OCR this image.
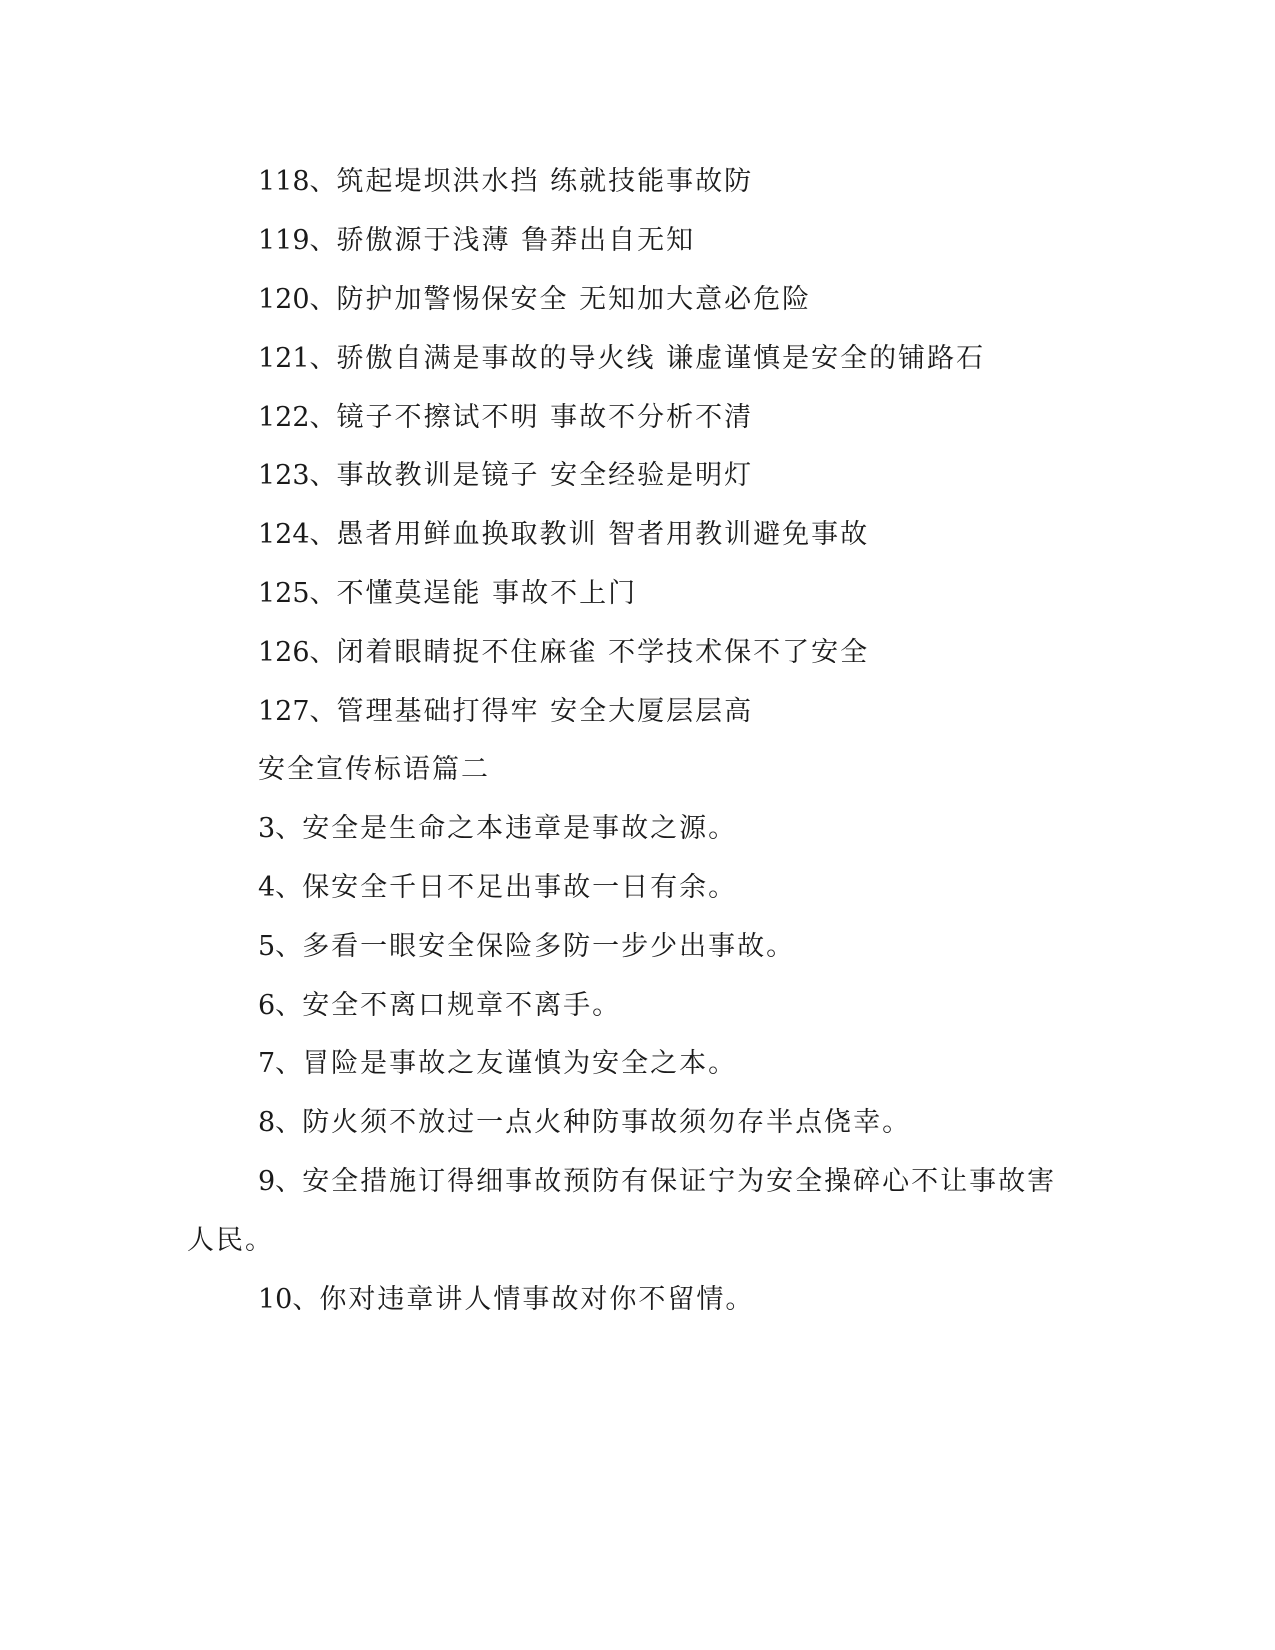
118、筑起堤坝洪水挡 练就技能事故防
119、骄傲源于浅薄 鲁莽出自无知
120、防护加警惕保安全 无知加大意必危险
121、骄傲自满是事故的导火线 谦虚谨慎是安全的铺路石
122、镜子不擦试不明 事故不分析不清
123、事故教训是镜子 安全经验是明灯
124、愚者用鲜血换取教训 智者用教训避免事故
125、不懂莫逞能 事故不上门
126、闭着眼睛捉不住麻雀 不学技术保不了安全
127、管理基础打得牢 安全大厦层层高
安全宣传标语篇二
3、安全是生命之本违章是事故之源。
4、保安全千日不足出事故一日有余。
5、多看一眼安全保险多防一步少出事故。
6、安全不离口规章不离手。
7、冒险是事故之友谨慎为安全之本。
8、防火须不放过一点火种防事故须勿存半点侥幸。
9、安全措施订得细事故预防有保证宁为安全操碎心不让事故害
人民。
10、你对违章讲人情事故对你不留情。
